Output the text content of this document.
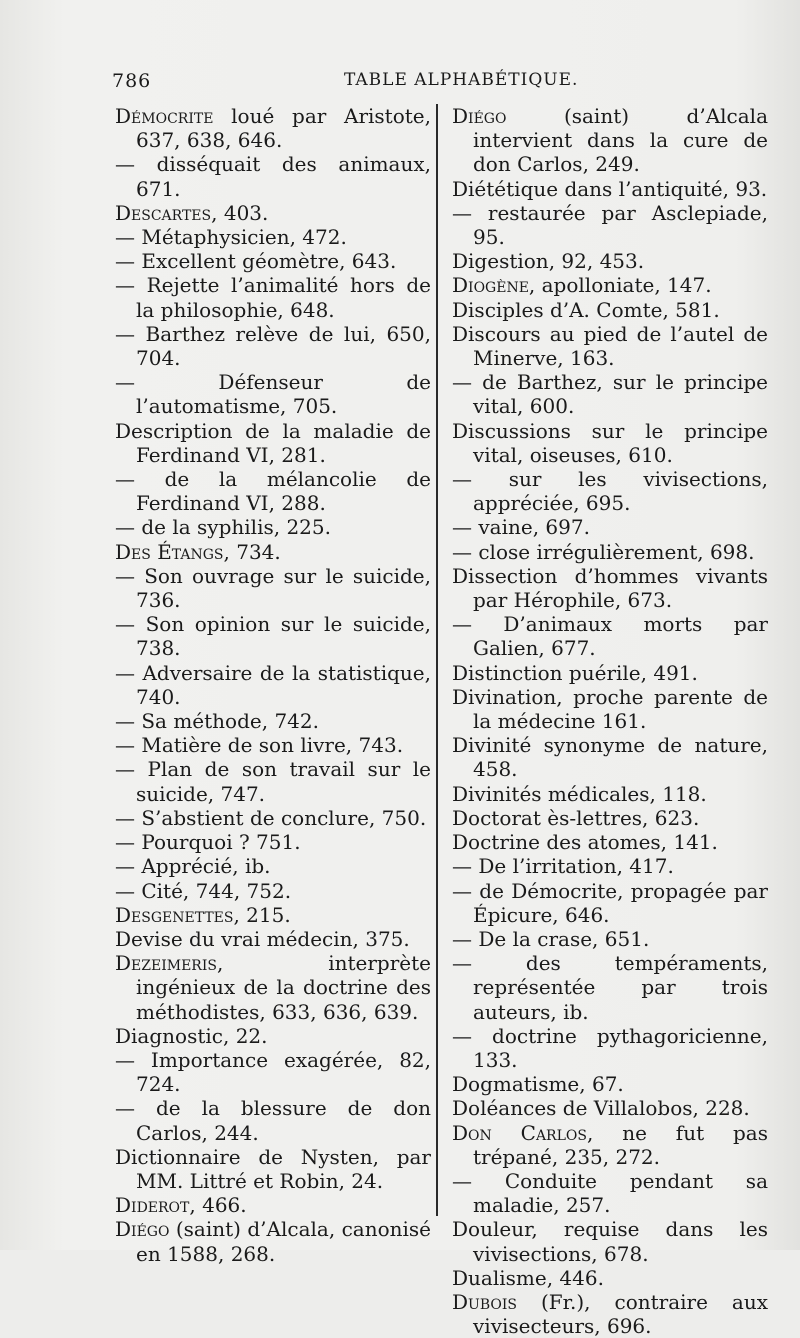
786	TABLE ALPHABÉTIQUE.
Démocrite loué par Aristote, 637, 638, 646.
— disséquait des animaux, 671.
Descartes, 403.
— Métaphysicien, 472.
— Excellent géomètre, 643.
— Rejette l’animalité hors de la philosophie, 648.
— Barthez relève de lui, 650, 704.
— Défenseur de l’automatisme, 705.
Description de la maladie de Ferdinand VI, 281.
— de la mélancolie de Ferdinand VI, 288.
— de la syphilis, 225.
Des Étangs, 734.
— Son ouvrage sur le suicide, 736.
— Son opinion sur le suicide, 738.
— Adversaire de la statistique, 740.
— Sa méthode, 742.
— Matière de son livre, 743.
— Plan de son travail sur le suicide, 747.
— S’abstient de conclure, 750.
— Pourquoi ? 751.
— Apprécié, ib.
— Cité, 744, 752.
Desgenettes, 215.
Devise du vrai médecin, 375.
Dezeimeris, interprète ingénieux de la doctrine des méthodistes, 633, 636, 639.
Diagnostic, 22.
— Importance exagérée, 82, 724.
— de la blessure de don Carlos, 244.
Dictionnaire de Nysten, par MM. Littré et Robin, 24.
Diderot, 466.
Diégo (saint) d’Alcala, canonisé en 1588, 268.
Diégo (saint) d’Alcala intervient dans la cure de don Carlos, 249.
Diététique dans l’antiquité, 93.
— restaurée par Asclepiade, 95.
Digestion, 92, 453.
Diogène, apolloniate, 147.
Disciples d’A. Comte, 581.
Discours au pied de l’autel de Minerve, 163.
— de Barthez, sur le principe vital, 600.
Discussions sur le principe vital, oiseuses, 610.
— sur les vivisections, appréciée, 695.
— vaine, 697.
— close irrégulièrement, 698.
Dissection d’hommes vivants par Hérophile, 673.
— D’animaux morts par Galien, 677.
Distinction puérile, 491.
Divination, proche parente de la médecine 161.
Divinité synonyme de nature, 458.
Divinités médicales, 118.
Doctorat ès-lettres, 623.
Doctrine des atomes, 141.
— De l’irritation, 417.
— de Démocrite, propagée par Épicure, 646.
— De la crase, 651.
— des tempéraments, représentée par trois auteurs, ib.
— doctrine pythagoricienne, 133.
Dogmatisme, 67.
Doléances de Villalobos, 228.
Don Carlos, ne fut pas trépané, 235, 272.
— Conduite pendant sa maladie, 257.
Douleur, requise dans les vivisections, 678.
Dualisme, 446.
Dubois (Fr.), contraire aux vivisecteurs, 696.
